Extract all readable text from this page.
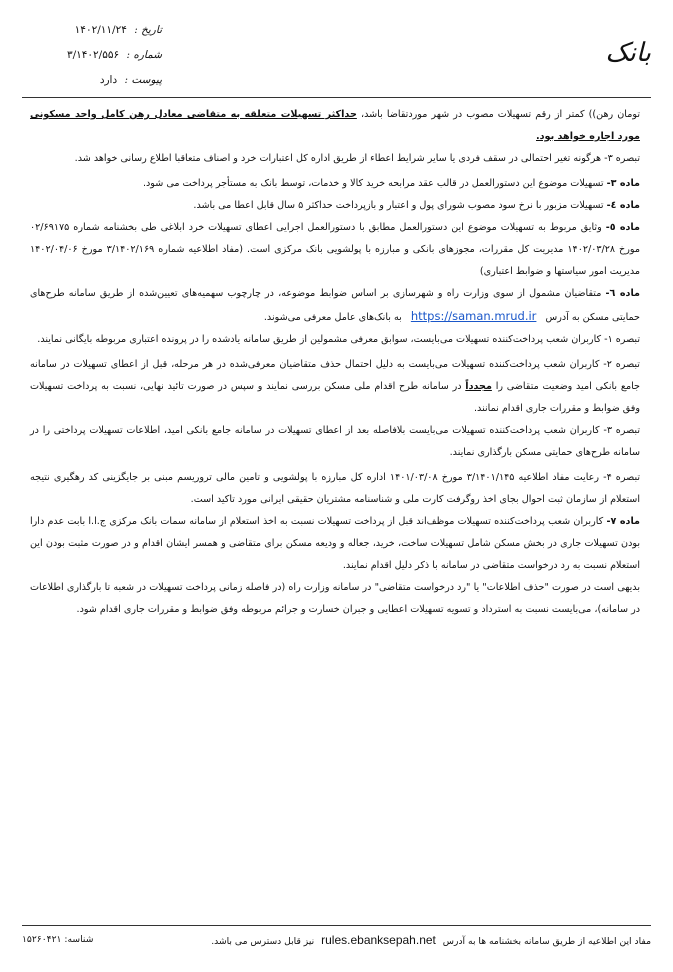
تاریخ : ۱۴۰۲/۱۱/۲۴
شماره : ۳/۱۴۰۲/۵۵۶
پیوست : دارد
بانک

تومان رهن)) کمتر از رقم تسهیلات مصوب در شهر موردتقاضا باشد، حداکثر تسهیلات متعلقه به متقاضی معادل رهن کامل واحد مسکونی مورد اجاره خواهد بود.

تبصره ۳- هرگونه تغیر احتمالی در سقف فردی یا سایر شرایط اعطاء از طریق اداره کل اعتبارات خرد و اصناف متعاقبا اطلاع رسانی خواهد شد.

ماده ۳- تسهیلات موضوع این دستورالعمل در قالب عقد مرابحه خرید کالا و خدمات، توسط بانک به مستأجر پرداخت می شود.

ماده ٤- تسهیلات مزبور با نرخ سود مصوب شورای پول و اعتبار و بازپرداخت حداکثر ۵ سال قابل اعطا می باشد.

ماده ٥- وثایق مربوط به تسهیلات موضوع این دستورالعمل مطابق با دستورالعمل اجرایی اعطای تسهیلات خرد ابلاغی طی بخشنامه شماره ۰۲/۶۹۱۷۵ مورخ ۱۴۰۲/۰۳/۲۸ مدیریت کل مقررات، مجوزهای بانکی و مبارزه با پولشویی بانک مرکزی است. (مفاد اطلاعیه شماره ۳/۱۴۰۲/۱۶۹ مورخ ۱۴۰۲/۰۴/۰۶ مدیریت امور سیاستها و ضوابط اعتباری)

ماده ٦- متقاضیان مشمول از سوی وزارت راه و شهرسازی بر اساس ضوابط موضوعه، در چارچوب سهمیه‌های تعیین‌شده از طریق سامانه طرح‌های حمایتی مسکن به آدرس https://saman.mrud.ir به بانک‌های عامل معرفی می‌شوند.

تبصره ۱- کاربران شعب پرداخت‌کننده تسهیلات می‌بایست، سوابق معرفی مشمولین از طریق سامانه یادشده را در پرونده اعتباری مربوطه بایگانی نمایند.

تبصره ۲- کاربران شعب پرداخت‌کننده تسهیلات می‌بایست به دلیل احتمال حذف متقاضیان معرفی‌شده در هر مرحله، قبل از اعطای تسهیلات در سامانه جامع بانکی امید وضعیت متقاضی را مجدداً در سامانه طرح اقدام ملی مسکن بررسی نمایند و سپس در صورت تائید نهایی، نسبت به پرداخت تسهیلات وفق ضوابط و مقررات جاری اقدام نمانند.

تبصره ۳- کاربران شعب پرداخت‌کننده تسهیلات می‌بایست بلافاصله بعد از اعطای تسهیلات در سامانه جامع بانکی امید، اطلاعات تسهیلات پرداختی را در سامانه طرح‌های حمایتی مسکن بارگذاری نمایند.

تبصره ۴- رعایت مفاد اطلاعیه ۳/۱۴۰۱/۱۴۵ مورخ ۱۴۰۱/۰۳/۰۸ اداره کل مبارزه با پولشویی و تامین مالی تروریسم مبنی بر جایگزینی کد رهگیری نتیجه استعلام از سازمان ثبت احوال بجای اخذ روگرفت کارت ملی و شناسنامه مشتریان حقیقی ایرانی مورد تاکید است.

ماده ۷- کاربران شعب پرداخت‌کننده تسهیلات موظف‌اند قبل از پرداخت تسهیلات نسبت به اخذ استعلام از سامانه سمات بانک مرکزی ج.ا.ا بابت عدم دارا بودن تسهیلات جاری در بخش مسکن شامل تسهیلات ساخت، خرید، جعاله و ودیعه مسکن برای متقاضی و همسر ایشان اقدام و در صورت مثبت بودن این استعلام نسبت به رد درخواست متقاضی در سامانه با ذکر دلیل اقدام نمایند.

بدیهی است در صورت "حذف اطلاعات" یا "رد درخواست متقاضی" در سامانه وزارت راه (در فاصله زمانی پرداخت تسهیلات در شعبه تا بارگذاری اطلاعات در سامانه)، می‌بایست نسبت به استرداد و تسویه تسهیلات اعطایی و جبران خسارت و جرائم مربوطه وفق ضوابط و مقررات جاری اقدام شود.

مفاد این اطلاعیه از طریق سامانه بخشنامه ها به آدرس rules.ebanksepah.net نیز قابل دسترس می باشد.
شناسه: ۱۵۲۶۰۴۲۱
